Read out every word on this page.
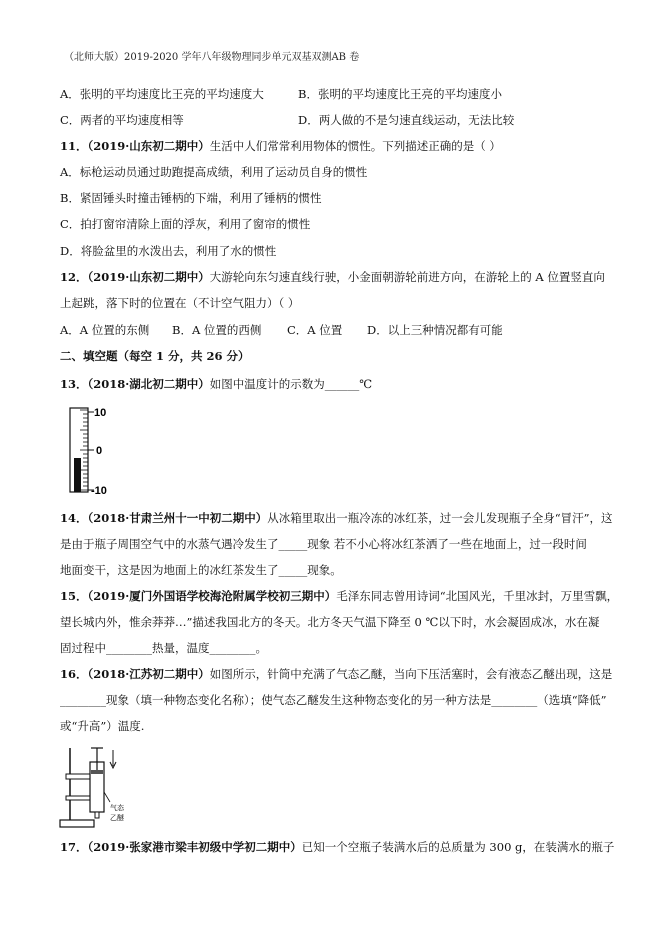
（北师大版）2019-2020 学年八年级物理同步单元双基双测AB 卷
A．张明的平均速度比王亮的平均速度大	B．张明的平均速度比王亮的平均速度小
C．两者的平均速度相等	D．两人做的不是匀速直线运动，无法比较
11．（2019·山东初二期中）生活中人们常常利用物体的惯性。下列描述正确的是（ ）
A．标枪运动员通过助跑提高成绩，利用了运动员自身的惯性
B．紧固锤头时撞击锤柄的下端，利用了锤柄的惯性
C．拍打窗帘清除上面的浮灰，利用了窗帘的惯性
D．将脸盆里的水泼出去，利用了水的惯性
12．（2019·山东初二期中）大游轮向东匀速直线行驶，小金面朝游轮前进方向，在游轮上的 A 位置竖直向
上起跳，落下时的位置在（不计空气阻力）（ ）
A．A 位置的东侧 B．A 位置的西侧 C．A 位置 D．以上三种情况都有可能
二、填空题（每空 1 分，共 26 分）
13．（2018·湖北初二期中）如图中温度计的示数为______℃
10
0
-10
14．（2018·甘肃兰州十一中初二期中）从冰箱里取出一瓶冷冻的冰红茶，过一会儿发现瓶子全身“冒汗”，这
是由于瓶子周围空气中的水蒸气遇冷发生了_____现象 若不小心将冰红茶洒了一些在地面上，过一段时间
地面变干，这是因为地面上的冰红茶发生了_____现象。
15．（2019·厦门外国语学校海沧附属学校初三期中）毛泽东同志曾用诗词“北国风光，千里冰封，万里雪飘，
望长城内外，惟余莽莽…”描述我国北方的冬天。北方冬天气温下降至 0 ℃以下时，水会凝固成冰，水在凝
固过程中________热量，温度________。
16．（2018·江苏初二期中）如图所示，针筒中充满了气态乙醚，当向下压活塞时，会有液态乙醚出现，这是
________现象（填一种物态变化名称）；使气态乙醚发生这种物态变化的另一种方法是________（选填“降低”
或“升高”）温度.
气态
乙醚
17．（2019·张家港市梁丰初级中学初二期中）已知一个空瓶子装满水后的总质量为 300 g，在装满水的瓶子
